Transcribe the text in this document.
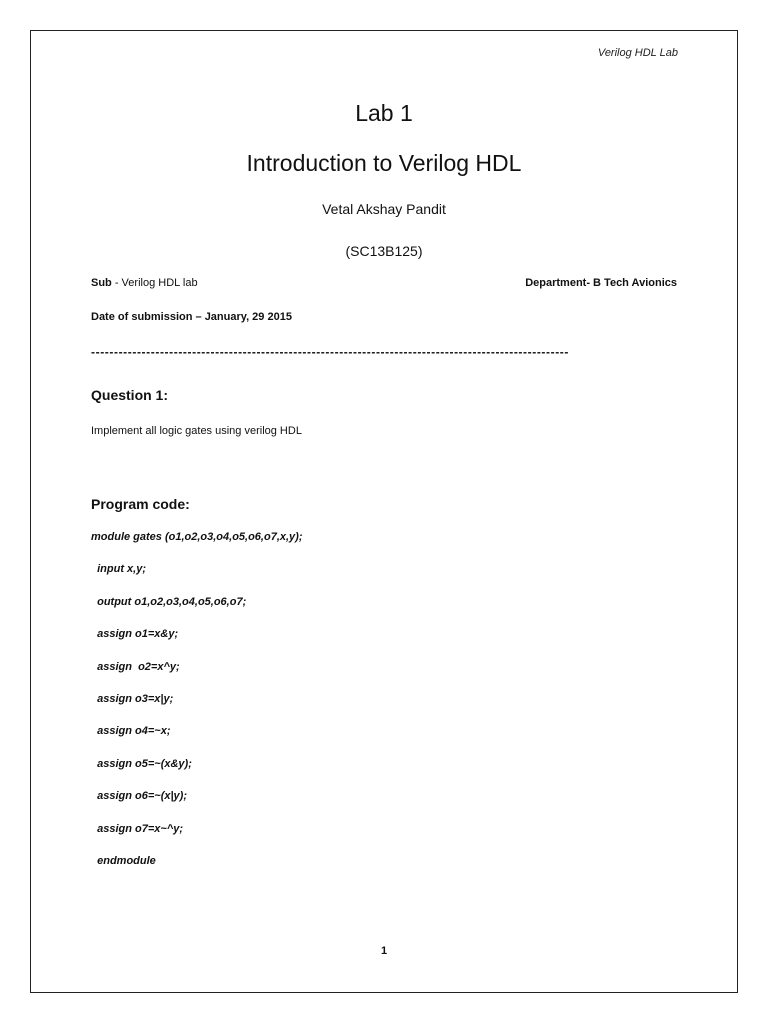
Verilog HDL Lab
Lab 1
Introduction to Verilog HDL
Vetal Akshay Pandit
(SC13B125)
Sub - Verilog HDL lab	Department- B Tech Avionics
Date of submission – January, 29 2015
--------------------------------------------------------------------------------------------------------
Question 1:
Implement all logic gates using verilog HDL
Program code:
module gates (o1,o2,o3,o4,o5,o6,o7,x,y);
input x,y;
output o1,o2,o3,o4,o5,o6,o7;
assign o1=x&y;
assign  o2=x^y;
assign o3=x|y;
assign o4=~x;
assign o5=~(x&y);
assign o6=~(x|y);
assign o7=x~^y;
endmodule
1
